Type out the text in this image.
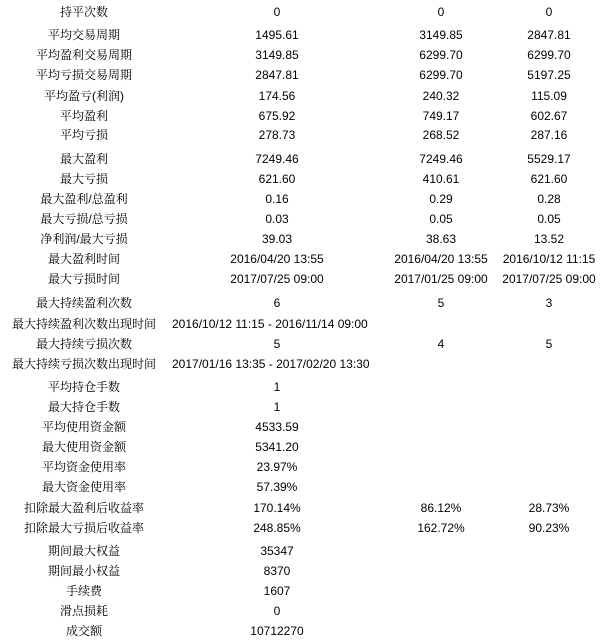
持平次数	0	0	0
平均交易周期	1495.61	3149.85	2847.81
平均盈利交易周期	3149.85	6299.70	6299.70
平均亏损交易周期	2847.81	6299.70	5197.25
平均盈亏(利润)	174.56	240.32	115.09
平均盈利	675.92	749.17	602.67
平均亏损	278.73	268.52	287.16
最大盈利	7249.46	7249.46	5529.17
最大亏损	621.60	410.61	621.60
最大盈利/总盈利	0.16	0.29	0.28
最大亏损/总亏损	0.03	0.05	0.05
净利润/最大亏损	39.03	38.63	13.52
最大盈利时间	2016/04/20 13:55	2016/04/20 13:55	2016/10/12 11:15
最大亏损时间	2017/07/25 09:00	2017/01/25 09:00	2017/07/25 09:00
最大持续盈利次数	6	5	3
最大持续盈利次数出现时间	2016/10/12 11:15 - 2016/11/14 09:00
最大持续亏损次数	5	4	5
最大持续亏损次数出现时间	2017/01/16 13:35 - 2017/02/20 13:30
平均持仓手数	1
最大持仓手数	1
平均使用资金额	4533.59
最大使用资金额	5341.20
平均资金使用率	23.97%
最大资金使用率	57.39%
扣除最大盈利后收益率	170.14%	86.12%	28.73%
扣除最大亏损后收益率	248.85%	162.72%	90.23%
期间最大权益	35347
期间最小权益	8370
手续费	1607
滑点损耗	0
成交额	10712270
